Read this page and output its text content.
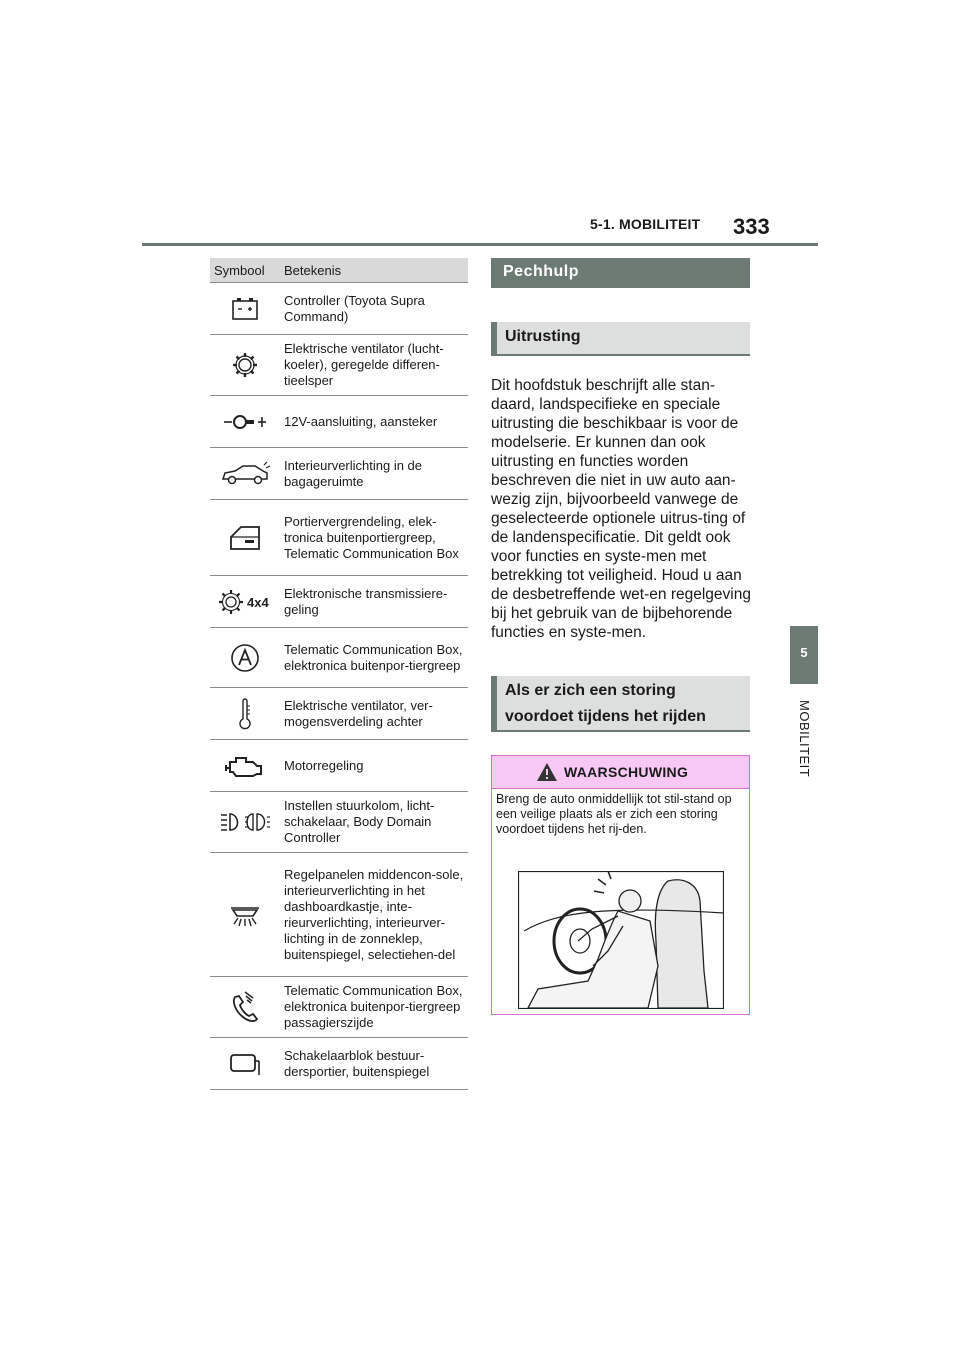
5-1. MOBILITEIT 333
5
MOBILITEIT
Symbool	Betekenis

	Controller (Toyota Supra Command)

	Elektrische ventilator (lucht-koeler), geregelde differen-tieelsper

	12V-aansluiting, aansteker

	Interieurverlichting in de bagageruimte

	Portiervergrendeling, elek-tronica buitenportiergreep, Telematic Communication Box

4x4	Elektronische transmissiere-geling

	Telematic Communication Box, elektronica buitenpor-tiergreep

	Elektrische ventilator, ver-mogensverdeling achter

	Motorregeling

	Instellen stuurkolom, licht-schakelaar, Body Domain Controller

	Regelpanelen middencon-sole, interieurverlichting in het dashboardkastje, inte-rieurverlichting, interieurver-lichting in de zonneklep, buitenspiegel, selectiehen-del

	Telematic Communication Box, elektronica buitenpor-tiergreep passagierszijde

	Schakelaarblok bestuur-dersportier, buitenspiegel
Pechhulp
Uitrusting
Dit hoofdstuk beschrijft alle stan-daard, landspecifieke en speciale uitrusting die beschikbaar is voor de modelserie. Er kunnen dan ook uitrusting en functies worden beschreven die niet in uw auto aan-wezig zijn, bijvoorbeeld vanwege de geselecteerde optionele uitrus-ting of de landenspecificatie. Dit geldt ook voor functies en syste-men met betrekking tot veiligheid. Houd u aan de desbetreffende wet-en regelgeving bij het gebruik van de bijbehorende functies en syste-men.
Als er zich een storing
voordoet tijdens het rijden
WAARSCHUWING
Breng de auto onmiddellijk tot stil-stand op een veilige plaats als er zich een storing voordoet tijdens het rij-den.
